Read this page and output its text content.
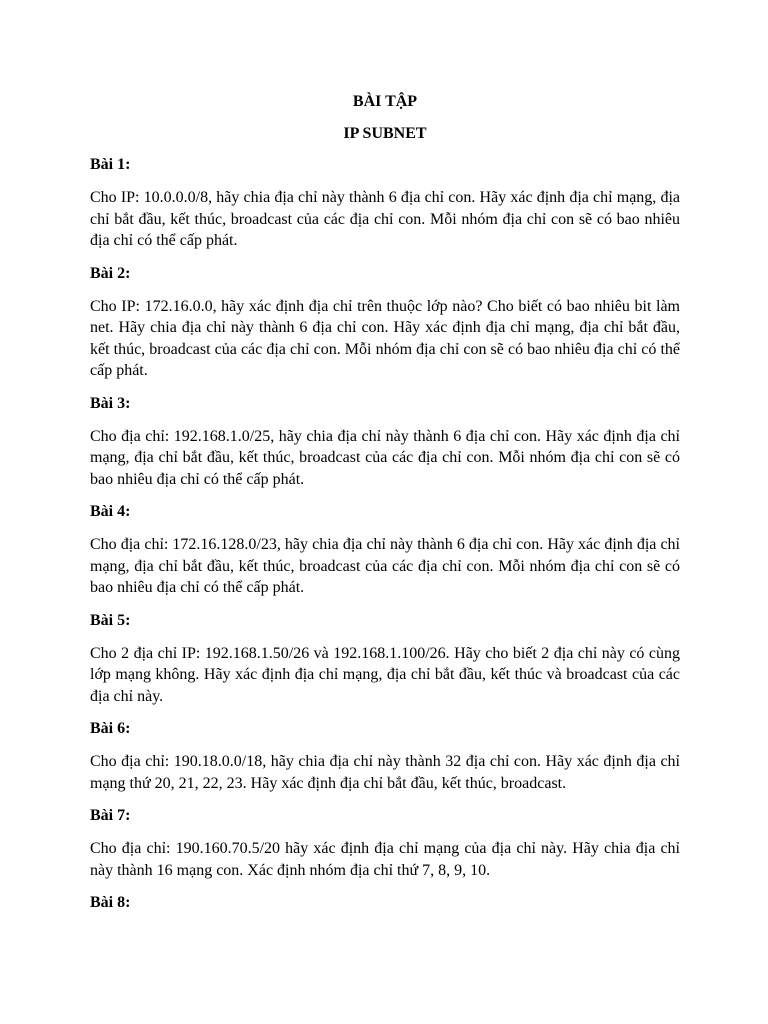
BÀI TẬP

IP SUBNET

Bài 1:

Cho IP: 10.0.0.0/8, hãy chia địa chỉ này thành 6 địa chỉ con. Hãy xác định địa chỉ mạng, địa chỉ bắt đầu, kết thúc, broadcast của các địa chỉ con. Mỗi nhóm địa chỉ con sẽ có bao nhiêu địa chỉ có thể cấp phát.

Bài 2:

Cho IP: 172.16.0.0, hãy xác định địa chỉ trên thuộc lớp nào? Cho biết có bao nhiêu bit làm net. Hãy chia địa chỉ này thành 6 địa chỉ con. Hãy xác định địa chỉ mạng, địa chỉ bắt đầu, kết thúc, broadcast của các địa chỉ con. Mỗi nhóm địa chỉ con sẽ có bao nhiêu địa chỉ có thể cấp phát.

Bài 3:

Cho địa chỉ: 192.168.1.0/25, hãy chia địa chỉ này thành 6 địa chỉ con. Hãy xác định địa chỉ mạng, địa chỉ bắt đầu, kết thúc, broadcast của các địa chỉ con. Mỗi nhóm địa chỉ con sẽ có bao nhiêu địa chỉ có thể cấp phát.

Bài 4:

Cho địa chỉ: 172.16.128.0/23, hãy chia địa chỉ này thành 6 địa chỉ con. Hãy xác định địa chỉ mạng, địa chỉ bắt đầu, kết thúc, broadcast của các địa chỉ con. Mỗi nhóm địa chỉ con sẽ có bao nhiêu địa chỉ có thể cấp phát.

Bài 5:

Cho 2 địa chỉ IP: 192.168.1.50/26 và 192.168.1.100/26. Hãy cho biết 2 địa chỉ này có cùng lớp mạng không. Hãy xác định địa chỉ mạng, địa chỉ bắt đầu, kết thúc và broadcast của các địa chỉ này.

Bài 6:

Cho địa chỉ: 190.18.0.0/18, hãy chia địa chỉ này thành 32 địa chỉ con. Hãy xác định địa chỉ mạng thứ 20, 21, 22, 23. Hãy xác định địa chỉ bắt đầu, kết thúc, broadcast.

Bài 7:

Cho địa chỉ: 190.160.70.5/20 hãy xác định địa chỉ mạng của địa chỉ này. Hãy chia địa chỉ này thành 16 mạng con. Xác định nhóm địa chỉ thứ 7, 8, 9, 10.

Bài 8:
